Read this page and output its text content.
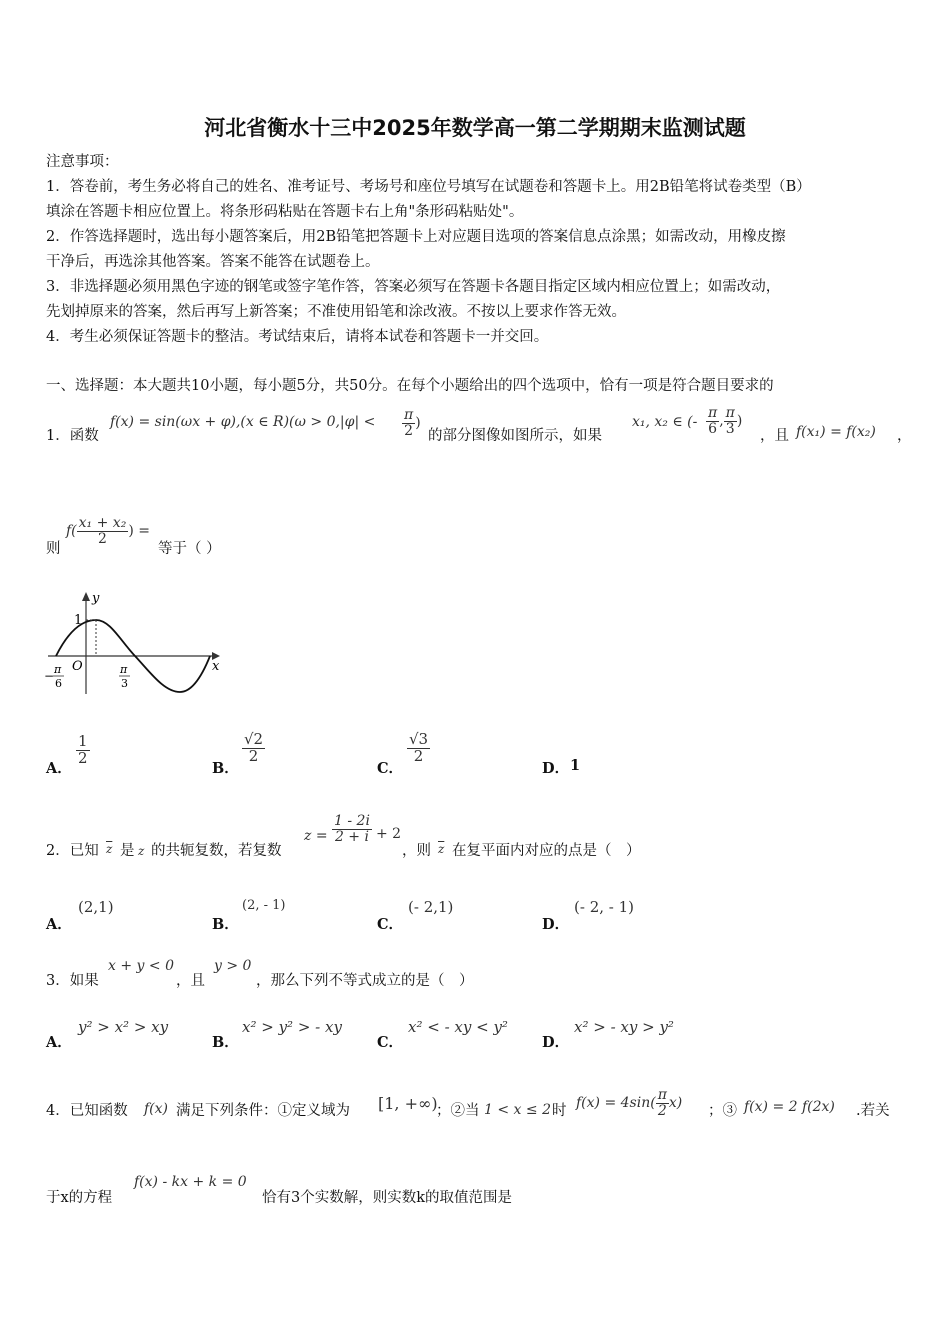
河北省衡水十三中2025年数学高一第二学期期末监测试题
注意事项：
1．答卷前，考生务必将自己的姓名、准考证号、考场号和座位号填写在试题卷和答题卡上。用2B铅笔将试卷类型（B）
填涂在答题卡相应位置上。将条形码粘贴在答题卡右上角"条形码粘贴处"。
2．作答选择题时，选出每小题答案后，用2B铅笔把答题卡上对应题目选项的答案信息点涂黑；如需改动，用橡皮擦
干净后，再选涂其他答案。答案不能答在试题卷上。
3．非选择题必须用黑色字迹的钢笔或签字笔作答，答案必须写在答题卡各题目指定区域内相应位置上；如需改动，
先划掉原来的答案，然后再写上新答案；不准使用铅笔和涂改液。不按以上要求作答无效。
4．考生必须保证答题卡的整洁。考试结束后，请将本试卷和答题卡一并交回。
一、选择题：本大题共10小题，每小题5分，共50分。在每个小题给出的四个选项中，恰有一项是符合题目要求的
1．函数
f(x) = sin(ωx + φ),(x ∈ $R)(\omega > 0,|\varphi| < \frac{\pi}{2}$ )
的部分图像如图所示，如果
x₁, x₂ ∈ (- $\frac{\pi}{6}$ , $\frac{\pi}{3}$ )
，且 f(x₁) = f(x₂) ，
则
$f( \frac{\text{x₁ + x₂}}{2}$ ) =
等于（ ）
y
x
O
1
− π
6
π
3
A．
$\frac{1}{2}$
B．
$\frac{√2}{2}$
C．
$\frac{√3}{2}$
D． 1
2．已知 $\overline{z}$ 是 z 的共轭复数，若复数
$z = \frac{1 - 2i}{2 + i} + 2$
，则 $\overline{z}$ 在复平面内对应的点是（　）
A．
(2,1)
B．
(2, - 1)
C．
(- 2,1)
D．
(- 2, - 1)
3．如果
x + y < 0
，且
y > 0
，那么下列不等式成立的是（　）
A．
y² > x² > xy
B．
x² > y² > - xy
C．
x² < - xy < y²
D．
x² > - xy > y²
4．已知函数 f(x) 满足下列条件：①定义域为 [1, +∞)
；②当 1 < x ≤ 2 时 $f(x) = 4\sin( \frac{\pi}{2} x)$ ；③ f(x) = 2 f(2x) .若关
于x的方程
f(x) - kx + k = 0
恰有3个实数解，则实数k的取值范围是
